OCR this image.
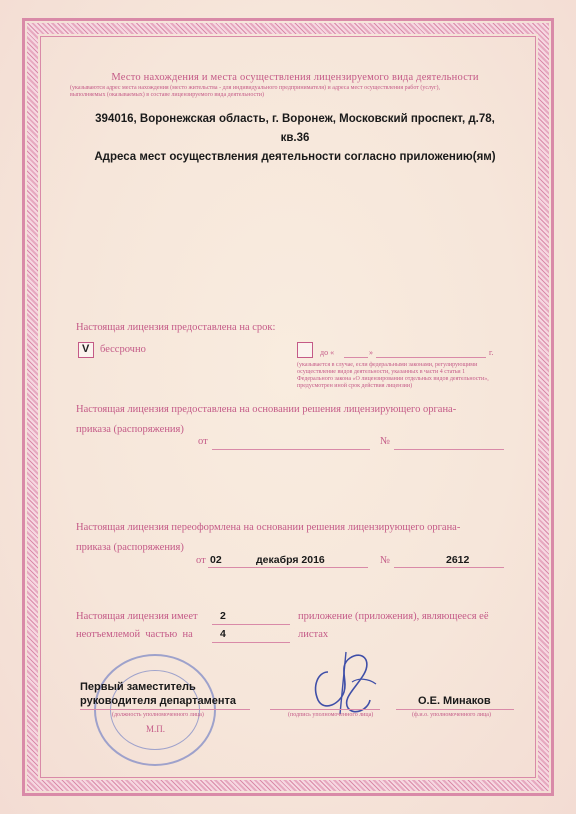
Место нахождения и места осуществления лицензируемого вида деятельности
(указываются адрес места нахождения (место жительства - для индивидуального предпринимателя) и адреса мест осуществления работ (услуг),
выполняемых (оказываемых) в составе лицензируемого вида деятельности)
394016, Воронежская область, г. Воронеж, Московский проспект, д.78,
кв.36
Адреса мест осуществления деятельности согласно приложению(ям)
Настоящая лицензия предоставлена на срок:
V бессрочно	до «	»	г.
(указывается в случае, если федеральными законами, регулирующими
осуществление видов деятельности, указанных в части 4 статьи 1
Федерального закона «О лицензировании отдельных видов деятельности»,
предусмотрен иной срок действия лицензии)
Настоящая лицензия предоставлена на основании решения лицензирующего органа-
приказа (распоряжения)
от	№
Настоящая лицензия переоформлена на основании решения лицензирующего органа-
приказа (распоряжения)
от 02	декабря 2016	№	2612
Настоящая лицензия имеет 2	приложение (приложения), являющееся её
неотъемлемой  частью  на	4	листах
Первый заместитель
руководителя департамента
(должность уполномоченного лица)	(подпись уполномоченного лица)
О.Е. Минаков
(ф.и.о. уполномоченного лица)
М.П.
